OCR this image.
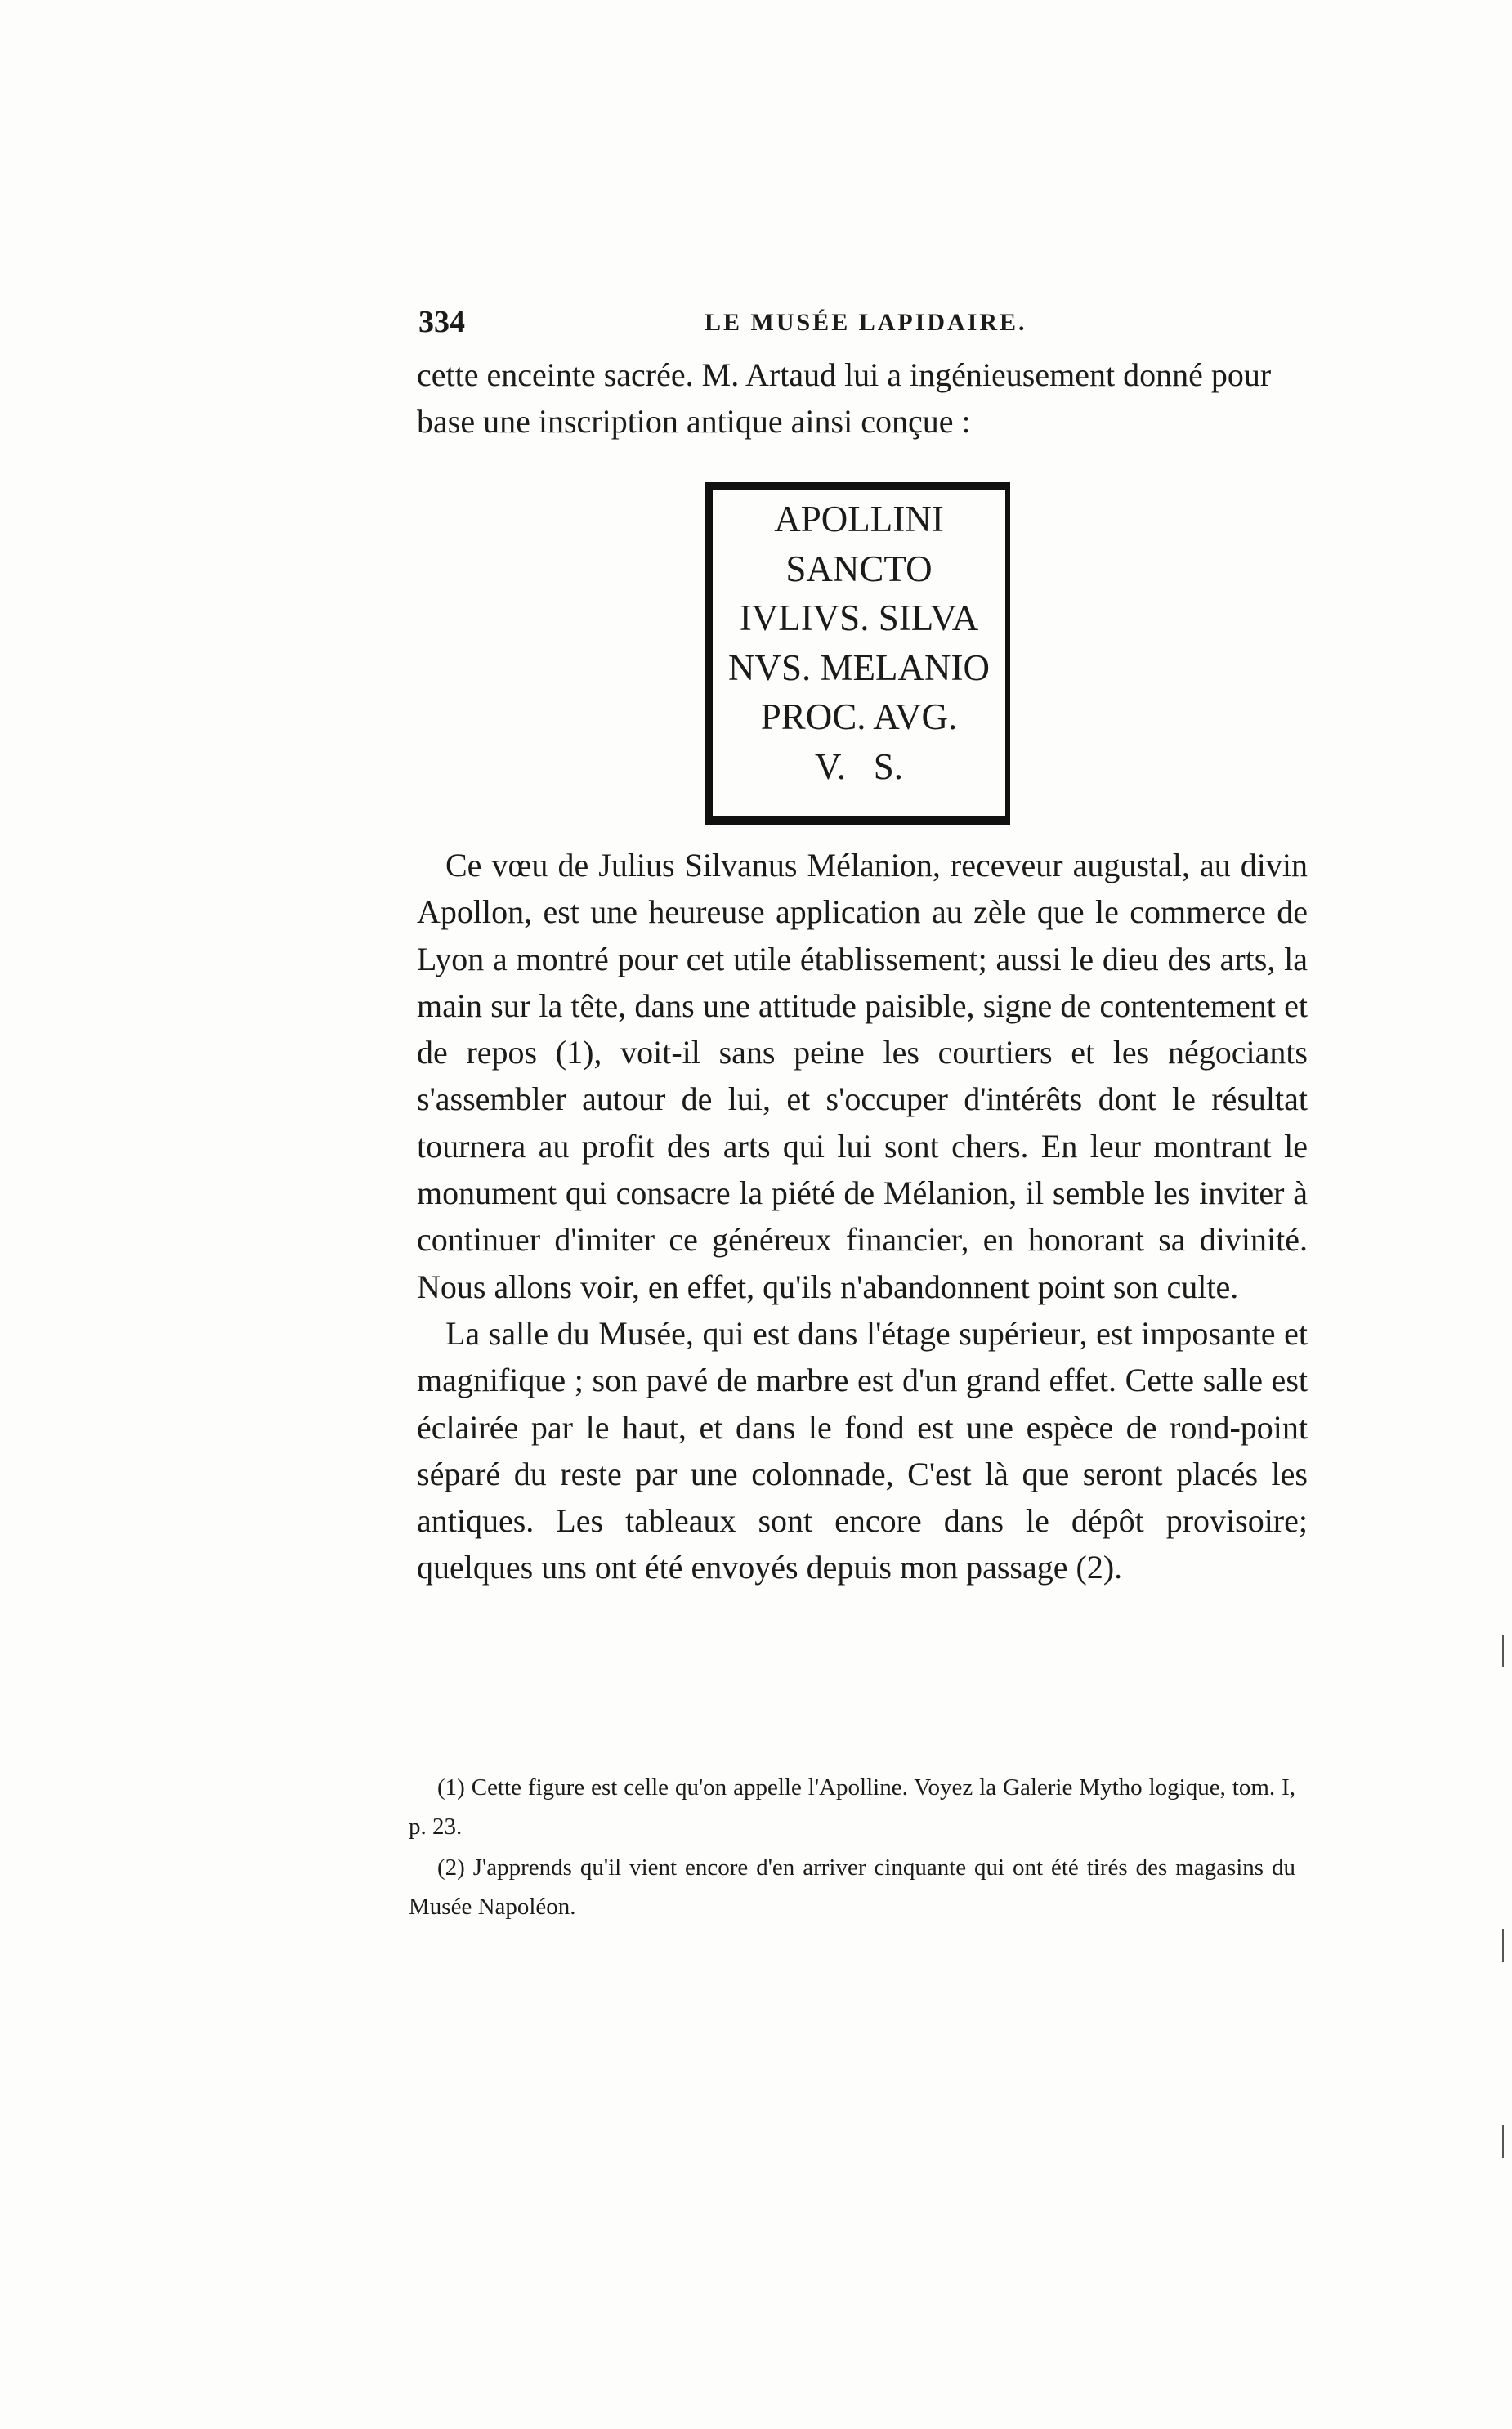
334	LE MUSÉE LAPIDAIRE.

cette enceinte sacrée. M. Artaud lui a ingénieusement donné pour base une inscription antique ainsi conçue :

APOLLINI
SANCTO
IVLIVS. SILVA
NVS. MELANIO
PROC. AVG.
V.   S.

Ce vœu de Julius Silvanus Mélanion, receveur augustal, au divin Apollon, est une heureuse application au zèle que le commerce de Lyon a montré pour cet utile établissement; aussi le dieu des arts, la main sur la tête, dans une attitude paisible, signe de contentement et de repos (1), voit-il sans peine les courtiers et les négociants s'assembler autour de lui, et s'occuper d'intérêts dont le résultat tournera au profit des arts qui lui sont chers. En leur montrant le monument qui consacre la piété de Mélanion, il semble les inviter à continuer d'imiter ce généreux financier, en honorant sa divinité. Nous allons voir, en effet, qu'ils n'abandonnent point son culte.

La salle du Musée, qui est dans l'étage supérieur, est imposante et magnifique ; son pavé de marbre est d'un grand effet. Cette salle est éclairée par le haut, et dans le fond est une espèce de rond-point séparé du reste par une colonnade, C'est là que seront placés les antiques. Les tableaux sont encore dans le dépôt provisoire; quelques uns ont été envoyés depuis mon passage (2).

(1) Cette figure est celle qu'on appelle l'Apolline. Voyez la Galerie Mytho logique, tom. I, p. 23.

(2) J'apprends qu'il vient encore d'en arriver cinquante qui ont été tirés des magasins du Musée Napoléon.
